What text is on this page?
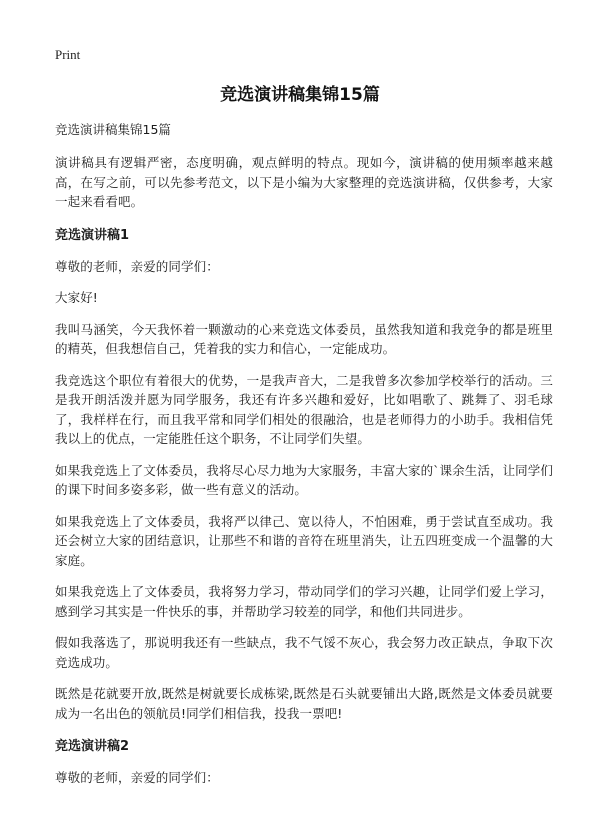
Print
竞选演讲稿集锦15篇
竞选演讲稿集锦15篇

演讲稿具有逻辑严密，态度明确，观点鲜明的特点。现如今，演讲稿的使用频率越来越高，在写之前，可以先参考范文，以下是小编为大家整理的竞选演讲稿，仅供参考，大家一起来看看吧。

竞选演讲稿1

尊敬的老师，亲爱的同学们：

大家好!

我叫马涵笑，今天我怀着一颗激动的心来竞选文体委员，虽然我知道和我竞争的都是班里的精英，但我想信自己，凭着我的实力和信心，一定能成功。

我竞选这个职位有着很大的优势，一是我声音大，二是我曾多次参加学校举行的活动。三是我开朗活泼并愿为同学服务，我还有许多兴趣和爱好，比如唱歌了、跳舞了、羽毛球了，我样样在行，而且我平常和同学们相处的很融洽，也是老师得力的小助手。我相信凭我以上的优点，一定能胜任这个职务，不让同学们失望。

如果我竞选上了文体委员，我将尽心尽力地为大家服务，丰富大家的`课余生活，让同学们的课下时间多姿多彩，做一些有意义的活动。

如果我竞选上了文体委员，我将严以律己、宽以待人，不怕困难，勇于尝试直至成功。我还会树立大家的团结意识，让那些不和谐的音符在班里消失，让五四班变成一个温馨的大家庭。

如果我竞选上了文体委员，我将努力学习，带动同学们的学习兴趣，让同学们爱上学习，感到学习其实是一件快乐的事，并帮助学习较差的同学，和他们共同进步。

假如我落选了，那说明我还有一些缺点，我不气馁不灰心，我会努力改正缺点，争取下次竞选成功。

既然是花就要开放,既然是树就要长成栋梁,既然是石头就要铺出大路,既然是文体委员就要成为一名出色的领航员!同学们相信我，投我一票吧!

竞选演讲稿2

尊敬的老师，亲爱的同学们：
